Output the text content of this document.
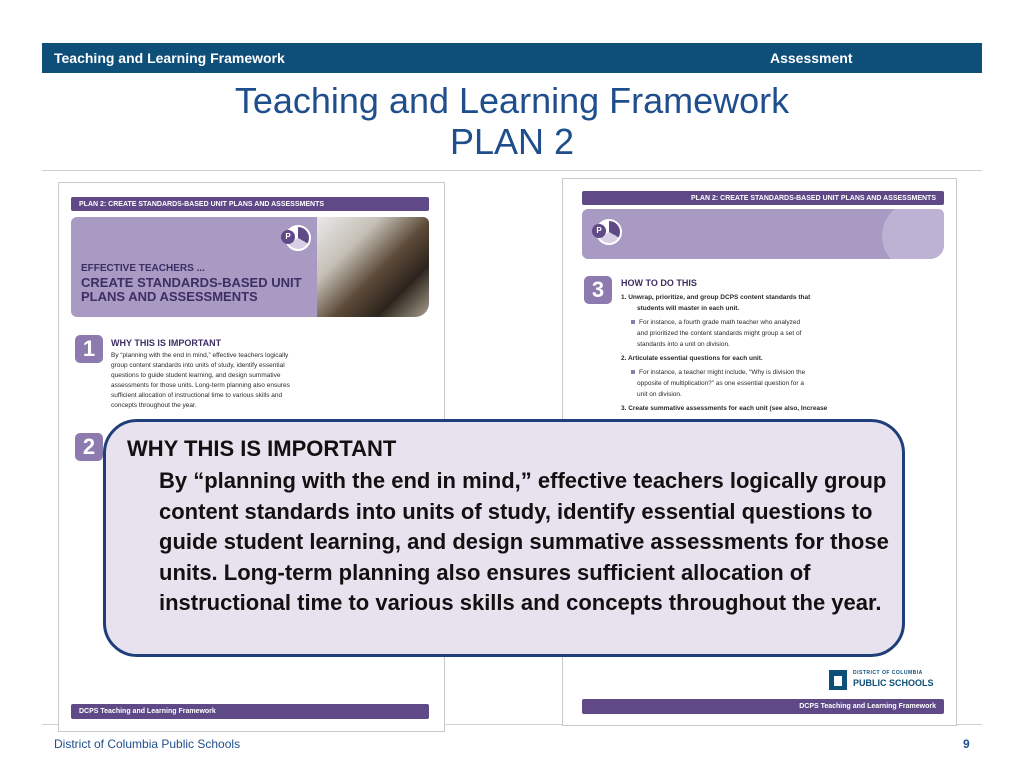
Teaching and Learning Framework	Assessment
Teaching and Learning Framework
PLAN 2
PLAN 2: CREATE STANDARDS-BASED UNIT PLANS AND ASSESSMENTS
EFFECTIVE TEACHERS ...
CREATE STANDARDS-BASED UNIT PLANS AND ASSESSMENTS
P
1	WHY THIS IS IMPORTANT

By “planning with the end in mind,” effective teachers logically

group content standards into units of study, identify essential

questions to guide student learning, and design summative

assessments for those units. Long-term planning also ensures

sufficient allocation of instructional time to various skills and

concepts throughout the year.

2
DCPS Teaching and Learning Framework
PLAN 2: CREATE STANDARDS-BASED UNIT PLANS AND ASSESSMENTS
P
3	HOW TO DO THIS

1. Unwrap, prioritize, and group DCPS content standards that

students will master in each unit.

For instance, a fourth grade math teacher who analyzed

and prioritized the content standards might group a set of

standards into a unit on division.

2. Articulate essential questions for each unit.

For instance, a teacher might include, “Why is division the

opposite of multiplication?” as one essential question for a

unit on division.

3. Create summative assessments for each unit (see also, Increase

DISTRICT OF COLUMBIA
PUBLIC SCHOOLS
DCPS Teaching and Learning Framework
WHY THIS IS IMPORTANT
By “planning with the end in mind,” effective teachers logically group content standards into units of study, identify essential questions to guide student learning, and design summative assessments for those units. Long-term planning also ensures sufficient allocation of instructional time to various skills and concepts throughout the year.
District of Columbia Public Schools	9
